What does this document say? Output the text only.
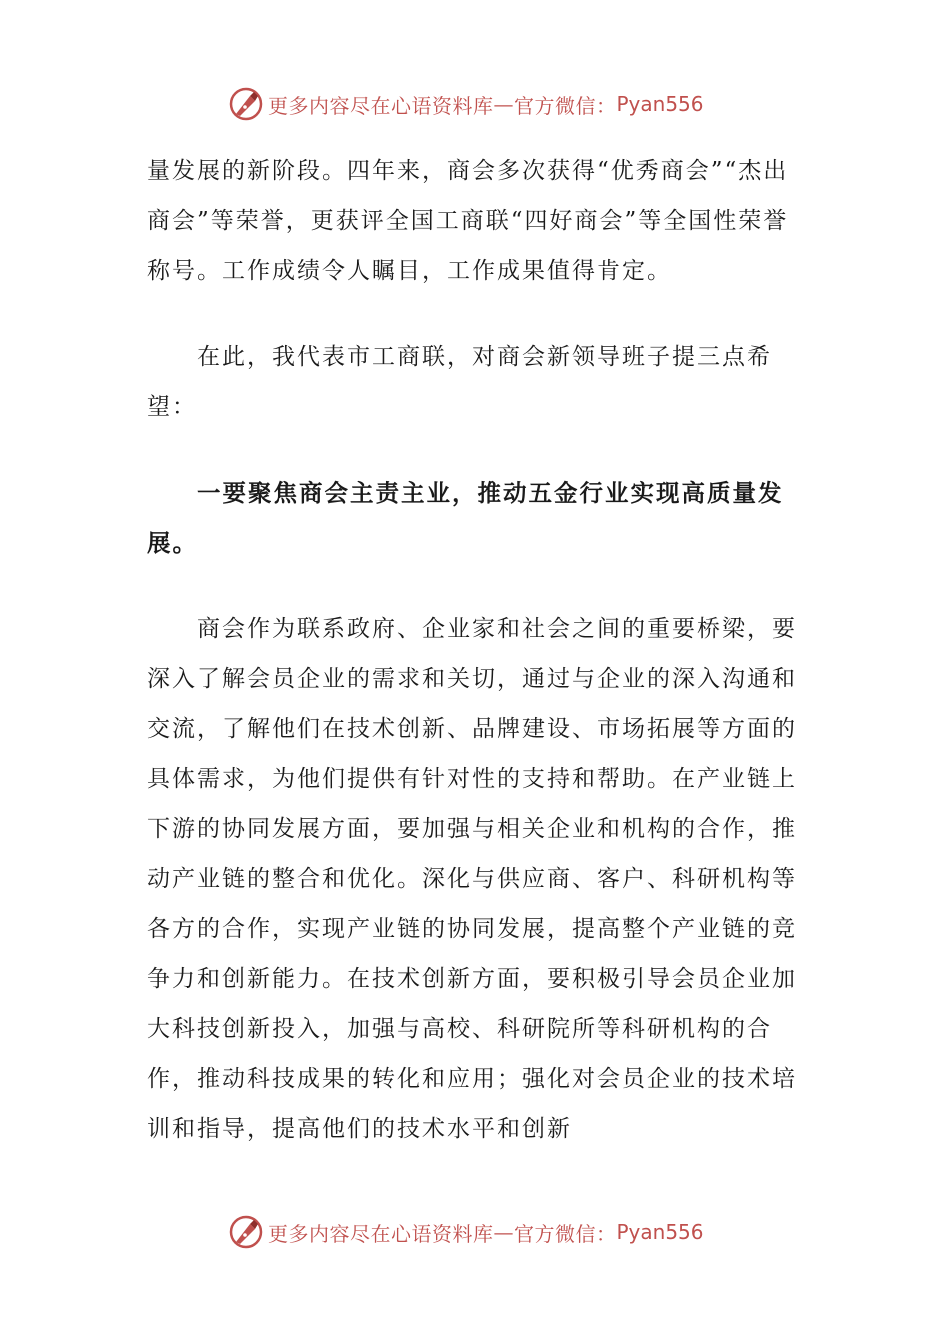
更多内容尽在心语资料库 — 官方微信： Pyan556

量发展的新阶段。四年来，商会多次获得“优秀商会”“杰出商会”等荣誉，更获评全国工商联“四好商会”等全国性荣誉称号。工作成绩令人瞩目，工作成果值得肯定。

在此，我代表市工商联，对商会新领导班子提三点希望：

一要聚焦商会主责主业，推动五金行业实现高质量发展。

商会作为联系政府、企业家和社会之间的重要桥梁，要深入了解会员企业的需求和关切，通过与企业的深入沟通和交流，了解他们在技术创新、品牌建设、市场拓展等方面的具体需求，为他们提供有针对性的支持和帮助。在产业链上下游的协同发展方面，要加强与相关企业和机构的合作，推动产业链的整合和优化。深化与供应商、客户、科研机构等各方的合作，实现产业链的协同发展，提高整个产业链的竞争力和创新能力。在技术创新方面，要积极引导会员企业加大科技创新投入，加强与高校、科研院所等科研机构的合作，推动科技成果的转化和应用；强化对会员企业的技术培训和指导，提高他们的技术水平和创新

更多内容尽在心语资料库 — 官方微信： Pyan556
